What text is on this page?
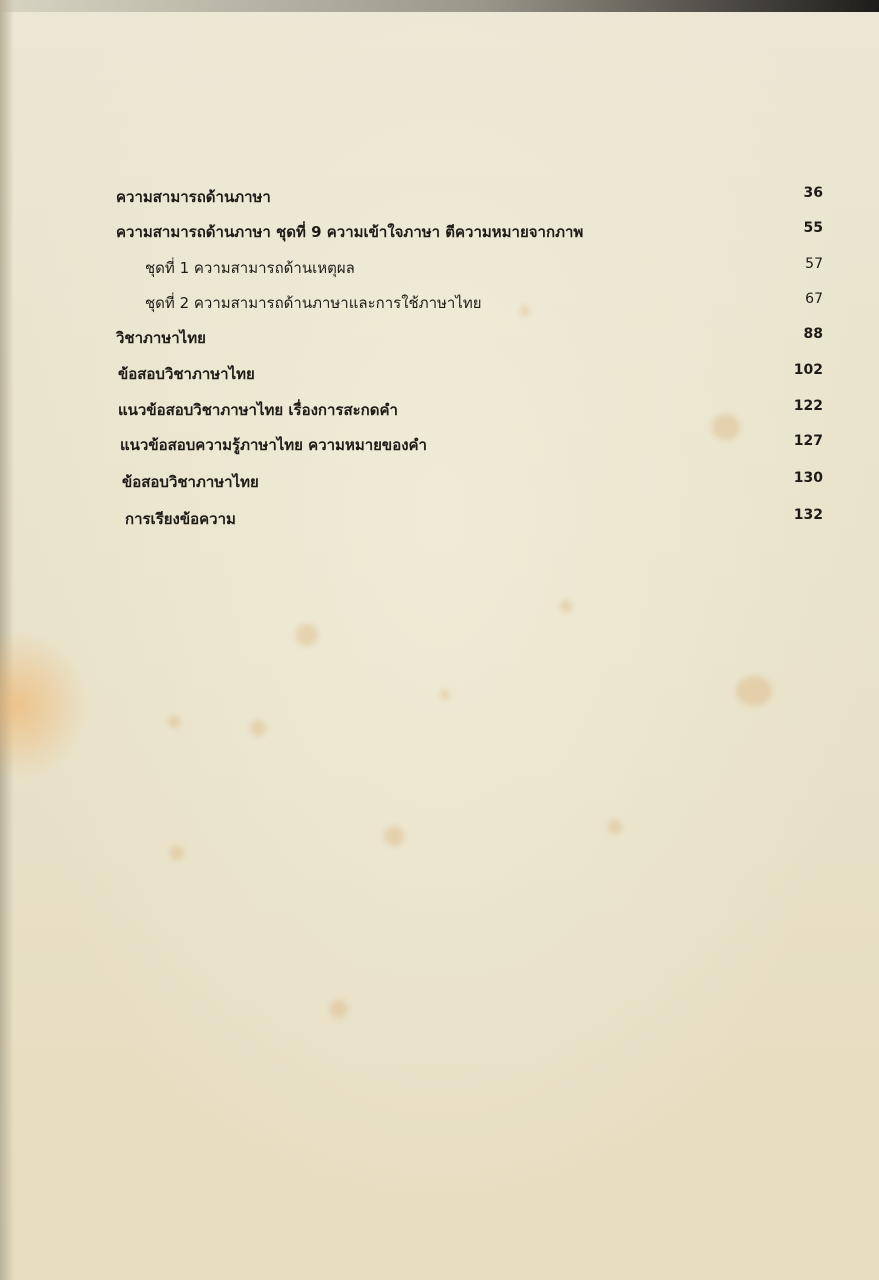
ความสามารถด้านภาษา	36
ความสามารถด้านภาษา ชุดที่ 9 ความเข้าใจภาษา ตีความหมายจากภาพ	55
ชุดที่ 1 ความสามารถด้านเหตุผล	57
ชุดที่ 2 ความสามารถด้านภาษาและการใช้ภาษาไทย	67
วิชาภาษาไทย	88
ข้อสอบวิชาภาษาไทย	102
แนวข้อสอบวิชาภาษาไทย เรื่องการสะกดคำ	122
แนวข้อสอบความรู้ภาษาไทย ความหมายของคำ	127
ข้อสอบวิชาภาษาไทย	130
การเรียงข้อความ	132
